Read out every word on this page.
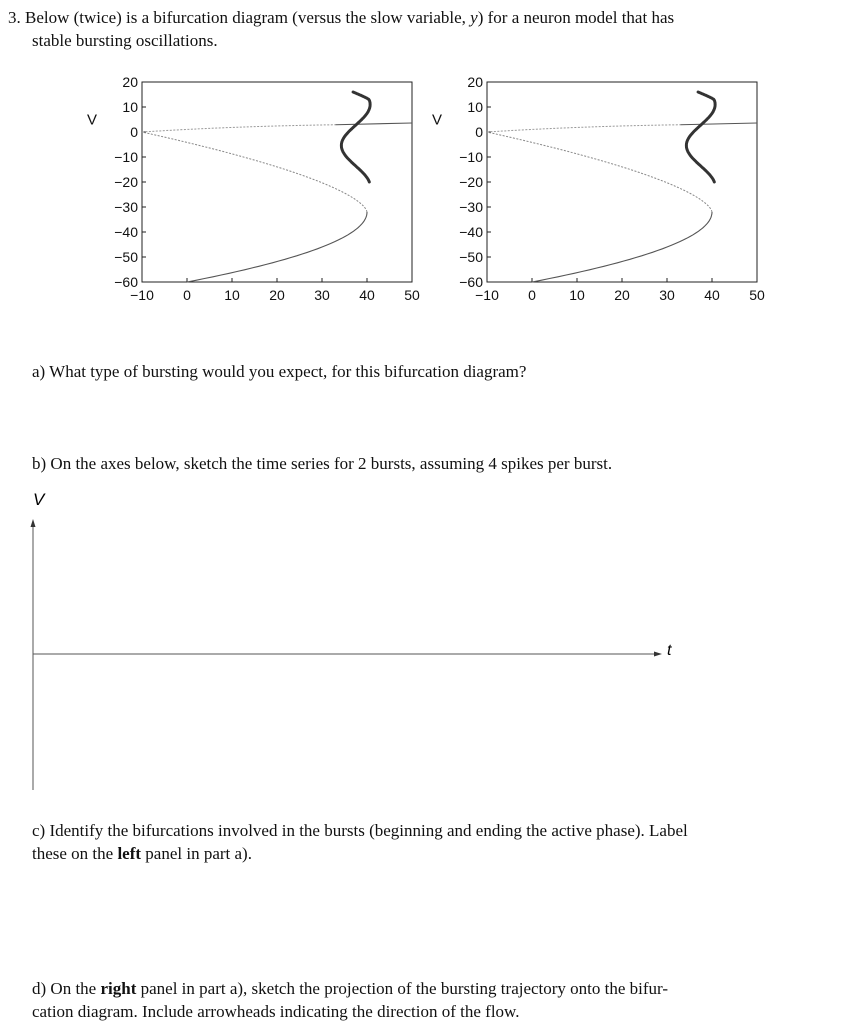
3. Below (twice) is a bifurcation diagram (versus the slow variable, y) for a neuron model that has

stable bursting oscillations.

20
10
0
−10
−20
−30
−40
−50
−60
−10 0 10 20 30 40 50
V
20
10
0
−10
−20
−30
−40
−50
−60
−10 0 10 20 30 40 50
V

a) What type of bursting would you expect, for this bifurcation diagram?

b) On the axes below, sketch the time series for 2 bursts, assuming 4 spikes per burst.

V
t

c) Identify the bifurcations involved in the bursts (beginning and ending the active phase). Label

these on the left panel in part a).

d) On the right panel in part a), sketch the projection of the bursting trajectory onto the bifur-

cation diagram. Include arrowheads indicating the direction of the flow.
